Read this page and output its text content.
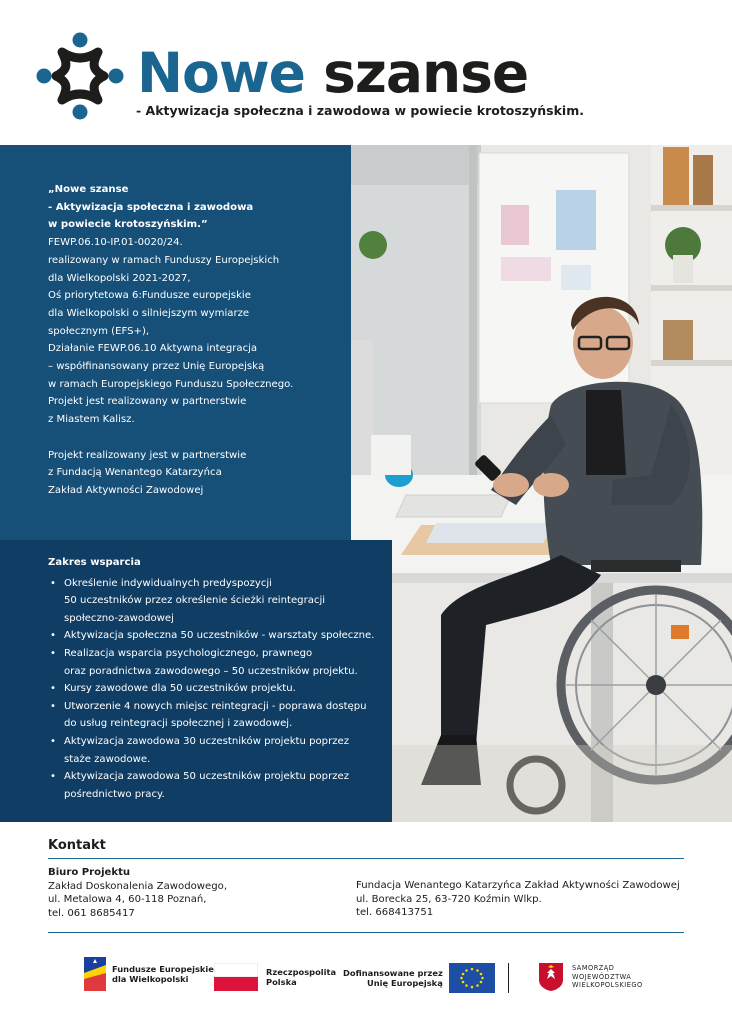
Nowe szanse
- Aktywizacja społeczna i zawodowa w powiecie krotoszyńskim.

„Nowe szanse

- Aktywizacja społeczna i zawodowa

w powiecie krotoszyńskim.”

FEWP.06.10-IP.01-0020/24.

realizowany w ramach Funduszy Europejskich

dla Wielkopolski 2021-2027,

Oś priorytetowa 6:Fundusze europejskie

dla Wielkopolski o silniejszym wymiarze

społecznym (EFS+),

Działanie FEWP.06.10 Aktywna integracja

– współfinansowany przez Unię Europejską

w ramach Europejskiego Funduszu Społecznego.

Projekt jest realizowany w partnerstwie

z Miastem Kalisz.

Projekt realizowany jest w partnerstwie

z Fundacją Wenantego Katarzyńca

Zakład Aktywności Zawodowej

Zakres wsparcia

• Określenie indywidualnych predyspozycji
50 uczestników przez określenie ścieżki reintegracji
społeczno-zawodowej
• Aktywizacja społeczna 50 uczestników - warsztaty społeczne.
• Realizacja wsparcia psychologicznego, prawnego
oraz poradnictwa zawodowego – 50 uczestników projektu.
• Kursy zawodowe dla 50 uczestników projektu.
• Utworzenie 4 nowych miejsc reintegracji - poprawa dostępu
do usług reintegracji społecznej i zawodowej.
• Aktywizacja zawodowa 30 uczestników projektu poprzez
staże zawodowe.
• Aktywizacja zawodowa 50 uczestników projektu poprzez
pośrednictwo pracy.
Kontakt
Biuro Projektu
Zakład Doskonalenia Zawodowego,
ul. Metalowa 4, 60-118 Poznań,
tel. 061 8685417
Fundacja Wenantego Katarzyńca Zakład Aktywności Zawodowej
ul. Borecka 25, 63-720 Koźmin Wlkp.
tel. 668413751
Fundusze Europejskie
dla Wielkopolski
Rzeczpospolita
Polska
Dofinansowane przez
Unię Europejską
SAMORZĄD
WOJEWÓDZTWA
WIELKOPOLSKIEGO
